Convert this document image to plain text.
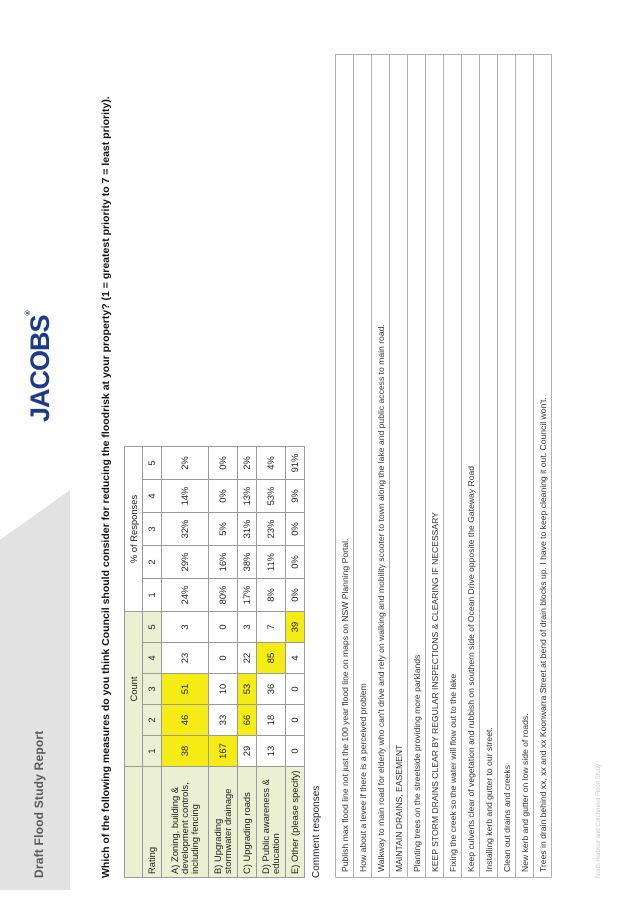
Draft Flood Study Report
JACOBS®	Which of the following measures do you think Council should consider for reducing the floodrisk at your property? (1 = greatest priority to 7 = least priority).
	Count					% of Responses				
Rating	1	2	3	4	5	1	2	3	4	5
A) Zoning, building & development controls, including fencing	38	46	51	23	3	24%	29%	32%	14%	2%
B) Upgrading stormwater drainage	167	33	10	0	0	80%	16%	5%	0%	0%
C) Upgrading roads	29	66	53	22	3	17%	38%	31%	13%	2%
D) Public awareness & education	13	18	36	85	7	8%	11%	23%	53%	4%
E) Other (please specify)	0	0	0	4	39	0%	0%	0%	9%	91%
Comment responses Publish max flood line not just the 100 year flood line on maps on NSW Planning Portal.
How about a levee if there is a perceived problem
Walkway to main road for elderly who can't drive and rely on walking and mobility scooter to town along the lake and public access to main road.
MAINTAIN DRAINS, EASEMENT
Planting trees on the streetside providing more parklands
KEEP STORM DRAINS CLEAR BY REGULAR INSPECTIONS & CLEARING IF NECESSARY
Fixing the creek so the water will flow out to the lake
Keep culverts clear of vegetation and rubbish on southern side of Ocean Drive opposite the Gateway Road
Installing kerb and gutter to our street.
Clean out drains and creeks
New kerb and gutter on low side of roads.
Trees in drain behind xx, xx and xx Koonwarra Street at bend of drain blocks up. I have to keep cleaning it out. Council won't.	North Harbour and Catchment Flood Study
